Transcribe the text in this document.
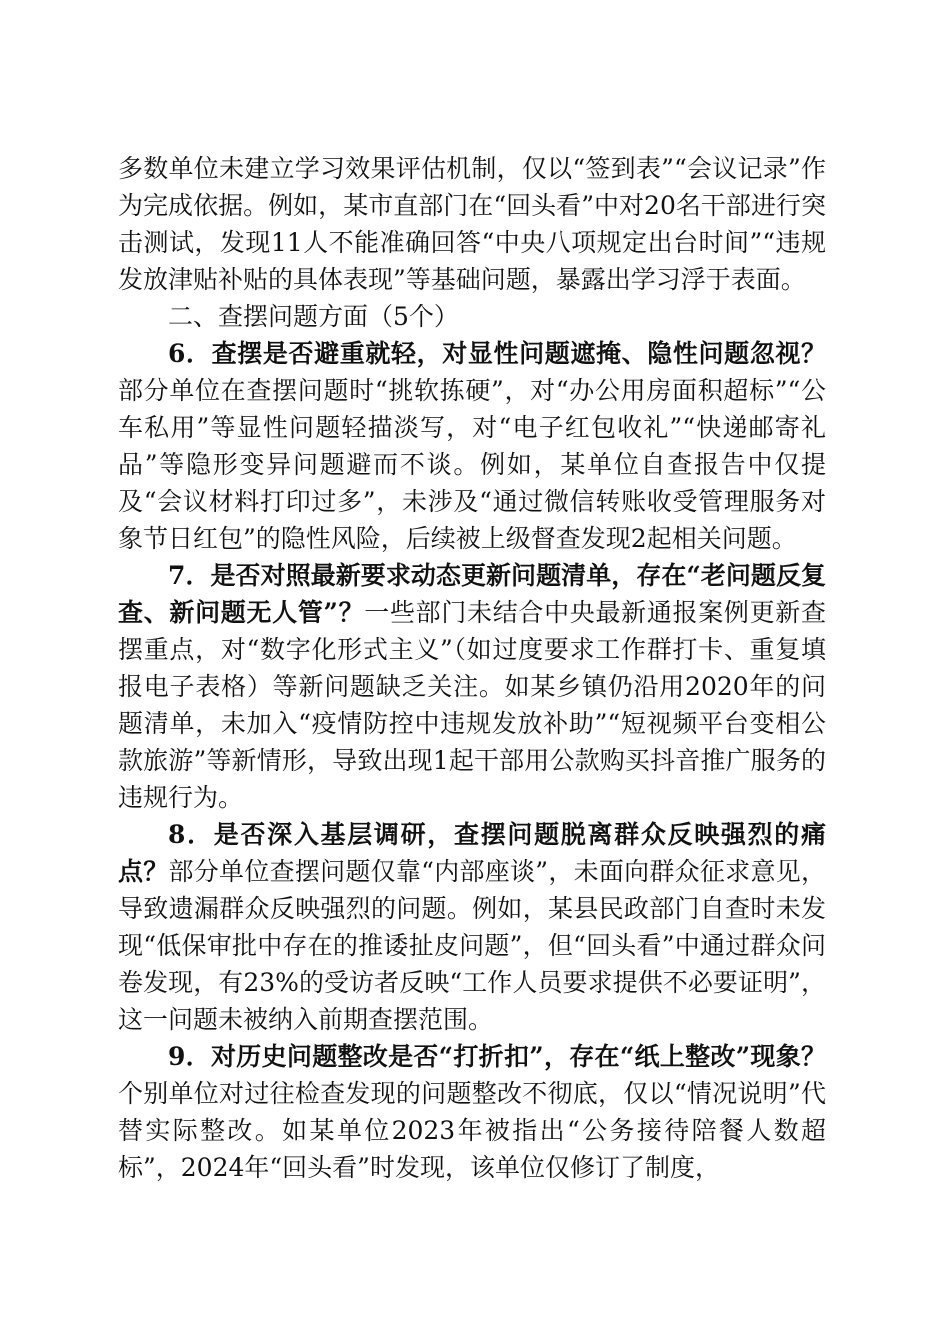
多数单位未建立学习效果评估机制，仅以“签到表”“会议记录”作为完成依据。例如，某市直部门在“回头看”中对20名干部进行突击测试，发现11人不能准确回答“中央八项规定出台时间”“违规发放津贴补贴的具体表现”等基础问题，暴露出学习浮于表面。

二、查摆问题方面（5个）

6．查摆是否避重就轻，对显性问题遮掩、隐性问题忽视？部分单位在查摆问题时“挑软拣硬”，对“办公用房面积超标”“公车私用”等显性问题轻描淡写，对“电子红包收礼”“快递邮寄礼品”等隐形变异问题避而不谈。例如，某单位自查报告中仅提及“会议材料打印过多”，未涉及“通过微信转账收受管理服务对象节日红包”的隐性风险，后续被上级督查发现2起相关问题。

7．是否对照最新要求动态更新问题清单，存在“老问题反复查、新问题无人管”？一些部门未结合中央最新通报案例更新查摆重点，对“数字化形式主义”（如过度要求工作群打卡、重复填报电子表格）等新问题缺乏关注。如某乡镇仍沿用2020年的问题清单，未加入“疫情防控中违规发放补助”“短视频平台变相公款旅游”等新情形，导致出现1起干部用公款购买抖音推广服务的违规行为。

8．是否深入基层调研，查摆问题脱离群众反映强烈的痛点？部分单位查摆问题仅靠“内部座谈”，未面向群众征求意见，导致遗漏群众反映强烈的问题。例如，某县民政部门自查时未发现“低保审批中存在的推诿扯皮问题”，但“回头看”中通过群众问卷发现，有23%的受访者反映“工作人员要求提供不必要证明”，这一问题未被纳入前期查摆范围。

9．对历史问题整改是否“打折扣”，存在“纸上整改”现象？个别单位对过往检查发现的问题整改不彻底，仅以“情况说明”代替实际整改。如某单位2023年被指出“公务接待陪餐人数超标”，2024年“回头看”时发现，该单位仅修订了制度，
